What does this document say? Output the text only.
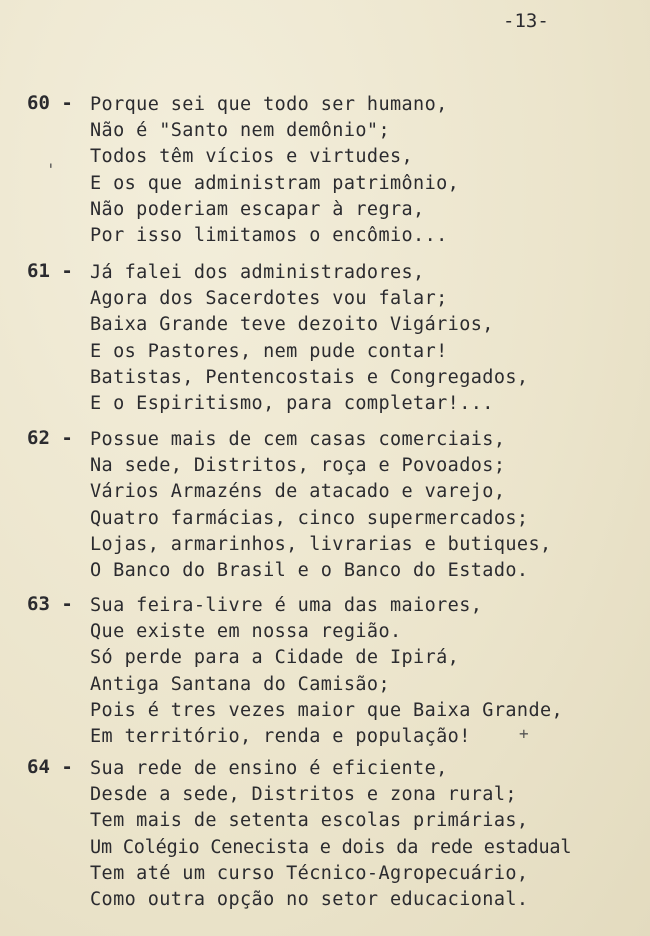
-13-
'
+
60 - Porque sei que todo ser humano,
Não é "Santo nem demônio";
Todos têm vícios e virtudes,
E os que administram patrimônio,
Não poderiam escapar à regra,
Por isso limitamos o encômio...
61 - Já falei dos administradores,
Agora dos Sacerdotes vou falar;
Baixa Grande teve dezoito Vigários,
E os Pastores, nem pude contar!
Batistas, Pentencostais e Congregados,
E o Espiritismo, para completar!...
62 - Possue mais de cem casas comerciais,
Na sede, Distritos, roça e Povoados;
Vários Armazéns de atacado e varejo,
Quatro farmácias, cinco supermercados;
Lojas, armarinhos, livrarias e butiques,
O Banco do Brasil e o Banco do Estado.
63 - Sua feira-livre é uma das maiores,
Que existe em nossa região.
Só perde para a Cidade de Ipirá,
Antiga Santana do Camisão;
Pois é tres vezes maior que Baixa Grande,
Em território, renda e população!
64 - Sua rede de ensino é eficiente,
Desde a sede, Distritos e zona rural;
Tem mais de setenta escolas primárias,
Um Colégio Cenecista e dois da rede estadual
Tem até um curso Técnico-Agropecuário,
Como outra opção no setor educacional.
